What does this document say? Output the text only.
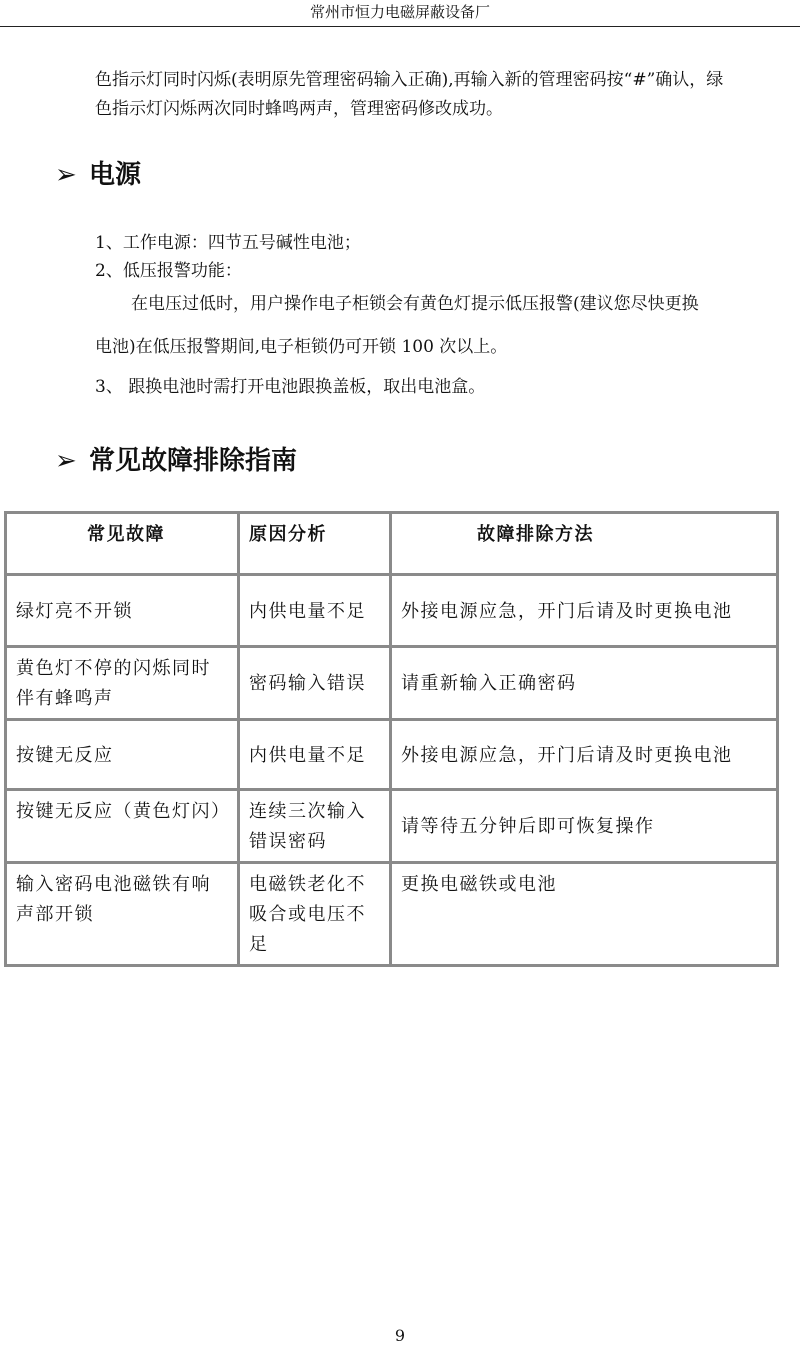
常州市恒力电磁屏蔽设备厂

色指示灯同时闪烁(表明原先管理密码输入正确),再输入新的管理密码按“#”确认，绿

色指示灯闪烁两次同时蜂鸣两声，管理密码修改成功。

➢ 电源

1、工作电源：四节五号碱性电池；

2、低压报警功能：

在电压过低时，用户操作电子柜锁会有黄色灯提示低压报警(建议您尽快更换

电池)在低压报警期间,电子柜锁仍可开锁 100 次以上。

3、 跟换电池时需打开电池跟换盖板，取出电池盒。

➢ 常见故障排除指南
常见故障	原因分析	故障排除方法
绿灯亮不开锁	内供电量不足	外接电源应急，开门后请及时更换电池
黄色灯不停的闪烁同时伴有蜂鸣声	密码输入错误	请重新输入正确密码
按键无反应	内供电量不足	外接电源应急，开门后请及时更换电池
按键无反应（黄色灯闪）	连续三次输入错误密码	请等待五分钟后即可恢复操作
输入密码电池磁铁有响声部开锁	电磁铁老化不吸合或电压不足	更换电磁铁或电池
9
